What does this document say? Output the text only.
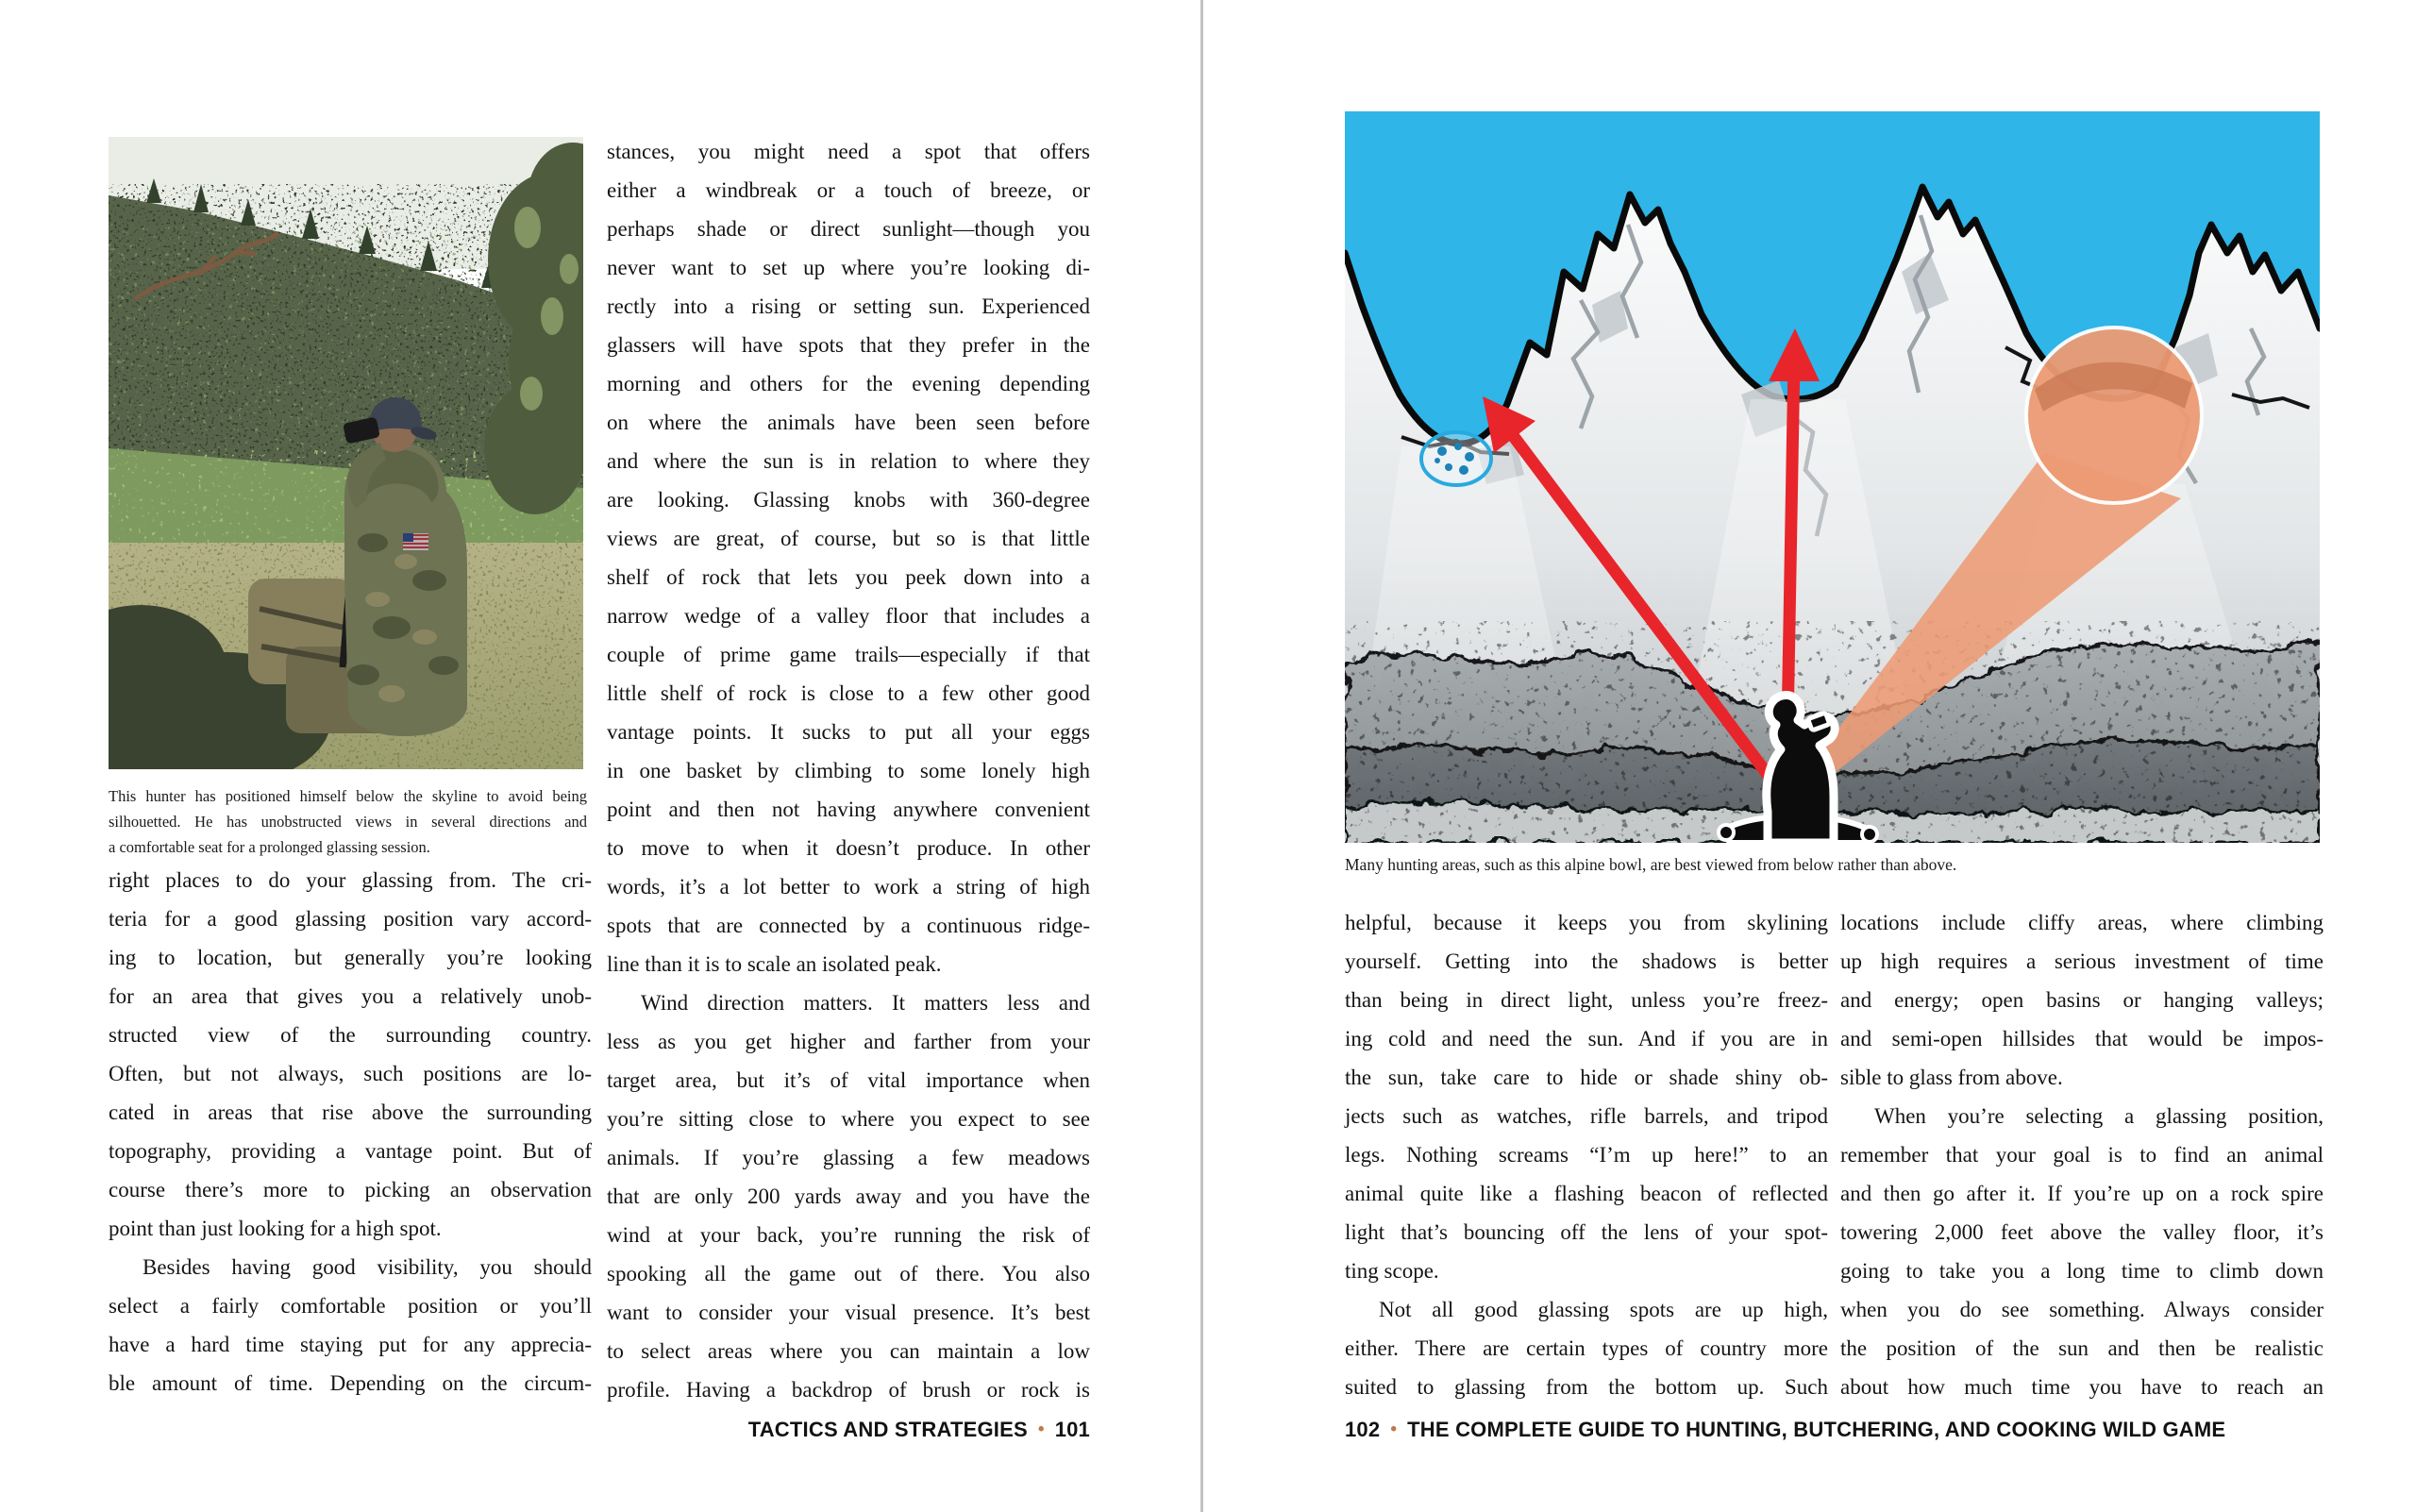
This hunter has positioned himself below the skyline to avoid being
silhouetted. He has unobstructed views in several directions and
a comfortable seat for a prolonged glassing session.
right places to do your glassing from. The cri-
teria for a good glassing position vary accord-
ing to location, but generally you’re looking
for an area that gives you a relatively unob-
structed view of the surrounding country.
Often, but not always, such positions are lo-
cated in areas that rise above the surrounding
topography, providing a vantage point. But of
course there’s more to picking an observation
point than just looking for a high spot.
Besides having good visibility, you should
select a fairly comfortable position or you’ll
have a hard time staying put for any apprecia-
ble amount of time. Depending on the circum-
stances, you might need a spot that offers
either a windbreak or a touch of breeze, or
perhaps shade or direct sunlight—though you
never want to set up where you’re looking di-
rectly into a rising or setting sun. Experienced
glassers will have spots that they prefer in the
morning and others for the evening depending
on where the animals have been seen before
and where the sun is in relation to where they
are looking. Glassing knobs with 360-degree
views are great, of course, but so is that little
shelf of rock that lets you peek down into a
narrow wedge of a valley floor that includes a
couple of prime game trails—especially if that
little shelf of rock is close to a few other good
vantage points. It sucks to put all your eggs
in one basket by climbing to some lonely high
point and then not having anywhere convenient
to move to when it doesn’t produce. In other
words, it’s a lot better to work a string of high
spots that are connected by a continuous ridge-
line than it is to scale an isolated peak.
Wind direction matters. It matters less and
less as you get higher and farther from your
target area, but it’s of vital importance when
you’re sitting close to where you expect to see
animals. If you’re glassing a few meadows
that are only 200 yards away and you have the
wind at your back, you’re running the risk of
spooking all the game out of there. You also
want to consider your visual presence. It’s best
to select areas where you can maintain a low
profile. Having a backdrop of brush or rock is
TACTICS AND STRATEGIES • 101
Many hunting areas, such as this alpine bowl, are best viewed from below rather than above.
helpful, because it keeps you from skylining
yourself. Getting into the shadows is better
than being in direct light, unless you’re freez-
ing cold and need the sun. And if you are in
the sun, take care to hide or shade shiny ob-
jects such as watches, rifle barrels, and tripod
legs. Nothing screams “I’m up here!” to an
animal quite like a flashing beacon of reflected
light that’s bouncing off the lens of your spot-
ting scope.
Not all good glassing spots are up high,
either. There are certain types of country more
suited to glassing from the bottom up. Such
locations include cliffy areas, where climbing
up high requires a serious investment of time
and energy; open basins or hanging valleys;
and semi-open hillsides that would be impos-
sible to glass from above.
When you’re selecting a glassing position,
remember that your goal is to find an animal
and then go after it. If you’re up on a rock spire
towering 2,000 feet above the valley floor, it’s
going to take you a long time to climb down
when you do see something. Always consider
the position of the sun and then be realistic
about how much time you have to reach an
102 • THE COMPLETE GUIDE TO HUNTING, BUTCHERING, AND COOKING WILD GAME
